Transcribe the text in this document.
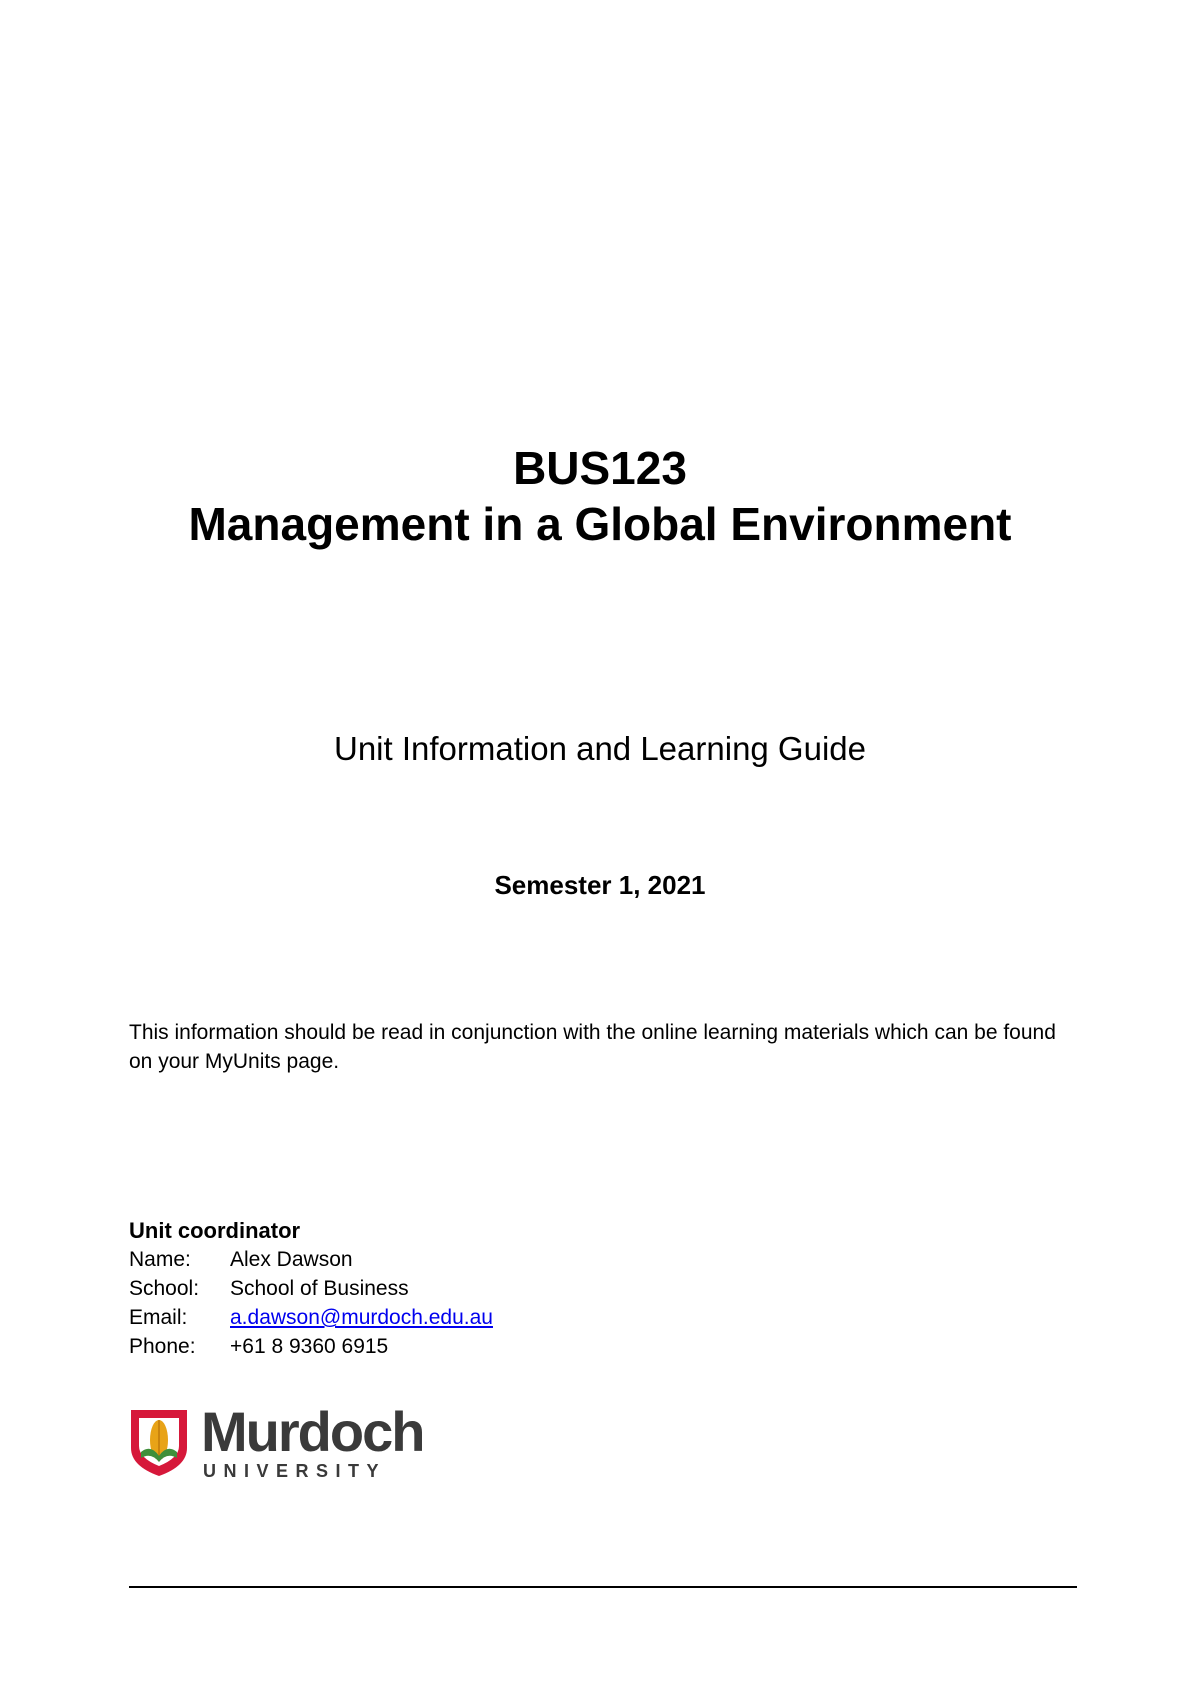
BUS123
Management in a Global Environment
Unit Information and Learning Guide
Semester 1, 2021
This information should be read in conjunction with the online learning materials which can be found on your MyUnits page.
Unit coordinator
Name:	Alex Dawson
School:	School of Business
Email:	a.dawson@murdoch.edu.au
Phone:	+61 8 9360 6915
Murdoch
UNIVERSITY
